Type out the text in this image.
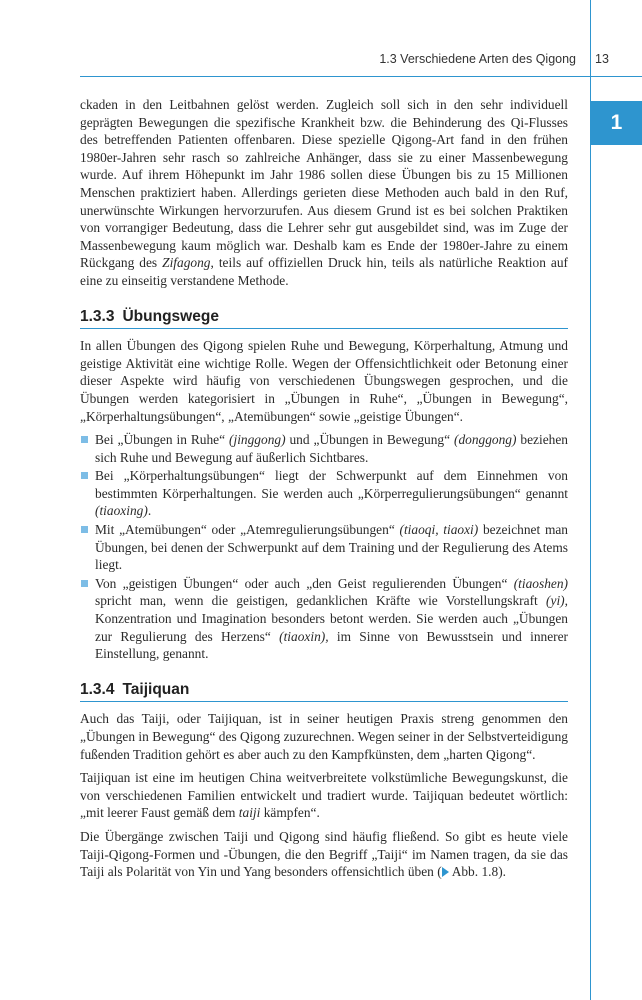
1.3 Verschiedene Arten des Qigong 13
1

ckaden in den Leitbahnen gelöst werden. Zugleich soll sich in den sehr individuell geprägten Bewegungen die spezifische Krankheit bzw. die Behinderung des Qi-Flusses des betreffenden Patienten offenbaren. Diese spezielle Qigong-Art fand in den frühen 1980er-Jahren sehr rasch so zahlreiche Anhänger, dass sie zu einer Massenbewegung wurde. Auf ihrem Höhepunkt im Jahr 1986 sollen diese Übungen bis zu 15 Millionen Menschen praktiziert haben. Allerdings gerieten diese Methoden auch bald in den Ruf, unerwünschte Wirkungen hervorzurufen. Aus diesem Grund ist es bei solchen Praktiken von vorrangiger Bedeutung, dass die Lehrer sehr gut ausgebildet sind, was im Zuge der Massenbewegung kaum möglich war. Deshalb kam es Ende der 1980er-Jahre zu einem Rückgang des Zifagong, teils auf offiziellen Druck hin, teils als natürliche Reaktion auf eine zu einseitig verstandene Methode.

1.3.3 Übungswege

In allen Übungen des Qigong spielen Ruhe und Bewegung, Körperhaltung, Atmung und geistige Aktivität eine wichtige Rolle. Wegen der Offensichtlichkeit oder Betonung einer dieser Aspekte wird häufig von verschiedenen Übungswegen gesprochen, und die Übungen werden kategorisiert in „Übungen in Ruhe“, „Übungen in Bewegung“, „Körperhaltungsübungen“, „Atemübungen“ sowie „geistige Übungen“.

Bei „Übungen in Ruhe“ (jinggong) und „Übungen in Bewegung“ (donggong) beziehen sich Ruhe und Bewegung auf äußerlich Sichtbares.
Bei „Körperhaltungsübungen“ liegt der Schwerpunkt auf dem Einnehmen von bestimmten Körperhaltungen. Sie werden auch „Körperregulierungsübungen“ genannt (tiaoxing).
Mit „Atemübungen“ oder „Atemregulierungsübungen“ (tiaoqi, tiaoxi) bezeichnet man Übungen, bei denen der Schwerpunkt auf dem Training und der Regulierung des Atems liegt.
Von „geistigen Übungen“ oder auch „den Geist regulierenden Übungen“ (tiaoshen) spricht man, wenn die geistigen, gedanklichen Kräfte wie Vorstellungskraft (yi), Konzentration und Imagination besonders betont werden. Sie werden auch „Übungen zur Regulierung des Herzens“ (tiaoxin), im Sinne von Bewusstsein und innerer Einstellung, genannt.
1.3.4 Taijiquan

Auch das Taiji, oder Taijiquan, ist in seiner heutigen Praxis streng genommen den „Übungen in Bewegung“ des Qigong zuzurechnen. Wegen seiner in der Selbstverteidigung fußenden Tradition gehört es aber auch zu den Kampfkünsten, dem „harten Qigong“.

Taijiquan ist eine im heutigen China weitverbreitete volkstümliche Bewegungskunst, die von verschiedenen Familien entwickelt und tradiert wurde. Taijiquan bedeutet wörtlich: „mit leerer Faust gemäß dem taiji kämpfen“.

Die Übergänge zwischen Taiji und Qigong sind häufig fließend. So gibt es heute viele Taiji-Qigong-Formen und -Übungen, die den Begriff „Taiji“ im Namen tragen, da sie das Taiji als Polarität von Yin und Yang besonders offensichtlich üben ( Abb. 1.8).
